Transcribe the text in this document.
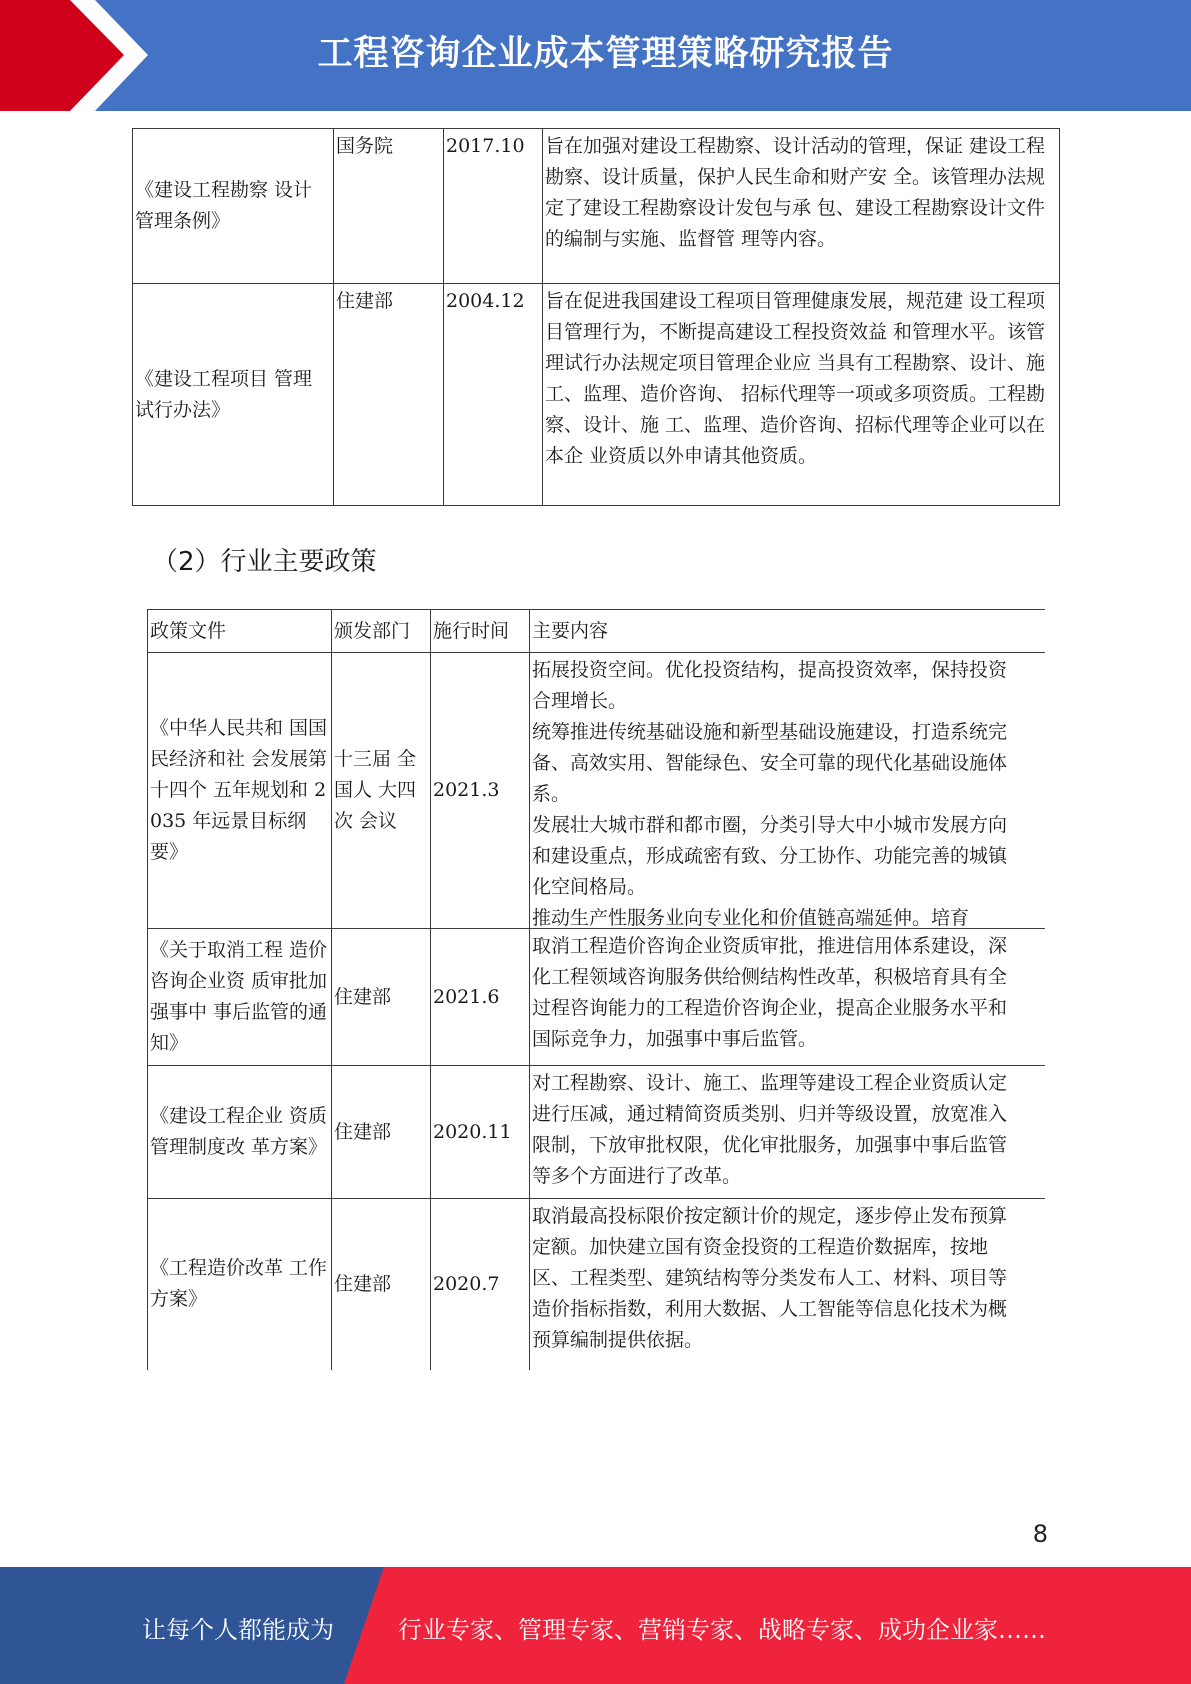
工程咨询企业成本管理策略研究报告
《建设工程勘察 设计管理条例》	国务院	2017.10	旨在加强对建设工程勘察、设计活动的管理，保证 建设工程勘察、设计质量，保护人民生命和财产安 全。该管理办法规定了建设工程勘察设计发包与承 包、建设工程勘察设计文件的编制与实施、监督管 理等内容。
《建设工程项目 管理试行办法》	住建部	2004.12	旨在促进我国建设工程项目管理健康发展，规范建 设工程项目管理行为，不断提高建设工程投资效益 和管理水平。该管理试行办法规定项目管理企业应 当具有工程勘察、设计、施工、监理、造价咨询、 招标代理等一项或多项资质。工程勘察、设计、施 工、监理、造价咨询、招标代理等企业可以在本企 业资质以外申请其他资质。
（2）行业主要政策
政策文件	颁发部门	施行时间	主要内容
《中华人民共和 国国民经济和社 会发展第十四个 五年规划和 2035 年远景目标纲 要》	十三届 全国人 大四次 会议	2021.3	拓展投资空间。优化投资结构，提高投资效率，保持投资合理增长。

统筹推进传统基础设施和新型基础设施建设，打造系统完备、高效实用、智能绿色、安全可靠的现代化基础设施体系。

发展壮大城市群和都市圈，分类引导大中小城市发展方向和建设重点，形成疏密有致、分工协作、功能完善的城镇化空间格局。

推动生产性服务业向专业化和价值链高端延伸。培育

《关于取消工程 造价咨询企业资 质审批加强事中 事后监管的通 知》	住建部	2021.6	取消工程造价咨询企业资质审批，推进信用体系建设，深化工程领域咨询服务供给侧结构性改革，积极培育具有全过程咨询能力的工程造价咨询企业，提高企业服务水平和国际竞争力，加强事中事后监管。
《建设工程企业 资质管理制度改 革方案》	住建部	2020.11	对工程勘察、设计、施工、监理等建设工程企业资质认定进行压减，通过精简资质类别、归并等级设置，放宽准入限制，下放审批权限，优化审批服务，加强事中事后监管等多个方面进行了改革。
《工程造价改革 工作方案》	住建部	2020.7	取消最高投标限价按定额计价的规定，逐步停止发布预算定额。加快建立国有资金投资的工程造价数据库，按地区、工程类型、建筑结构等分类发布人工、材料、项目等造价指标指数，利用大数据、人工智能等信息化技术为概预算编制提供依据。
8
让每个人都能成为	行业专家、管理专家、营销专家、战略专家、成功企业家……
